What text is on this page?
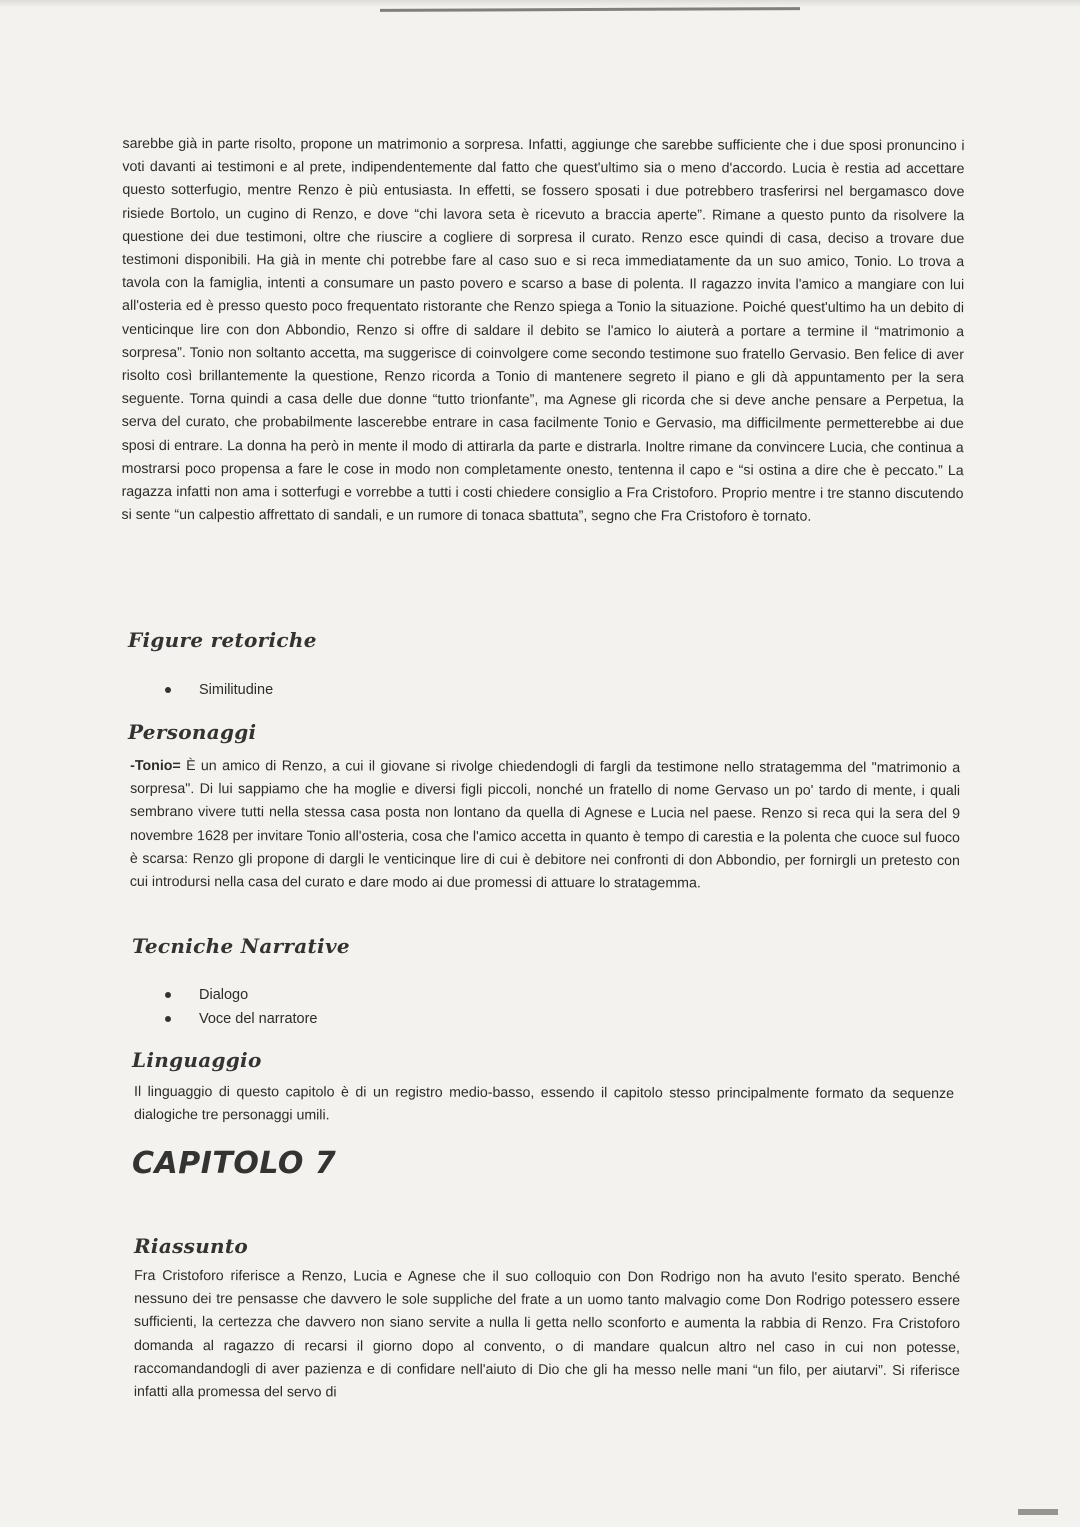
sarebbe già in parte risolto, propone un matrimonio a sorpresa. Infatti, aggiunge che sarebbe sufficiente che i due sposi pronuncino i voti davanti ai testimoni e al prete, indipendentemente dal fatto che quest'ultimo sia o meno d'accordo. Lucia è restia ad accettare questo sotterfugio, mentre Renzo è più entusiasta. In effetti, se fossero sposati i due potrebbero trasferirsi nel bergamasco dove risiede Bortolo, un cugino di Renzo, e dove “chi lavora seta è ricevuto a braccia aperte”. Rimane a questo punto da risolvere la questione dei due testimoni, oltre che riuscire a cogliere di sorpresa il curato. Renzo esce quindi di casa, deciso a trovare due testimoni disponibili. Ha già in mente chi potrebbe fare al caso suo e si reca immediatamente da un suo amico, Tonio. Lo trova a tavola con la famiglia, intenti a consumare un pasto povero e scarso a base di polenta. Il ragazzo invita l'amico a mangiare con lui all'osteria ed è presso questo poco frequentato ristorante che Renzo spiega a Tonio la situazione. Poiché quest'ultimo ha un debito di venticinque lire con don Abbondio, Renzo si offre di saldare il debito se l'amico lo aiuterà a portare a termine il “matrimonio a sorpresa”. Tonio non soltanto accetta, ma suggerisce di coinvolgere come secondo testimone suo fratello Gervasio. Ben felice di aver risolto così brillantemente la questione, Renzo ricorda a Tonio di mantenere segreto il piano e gli dà appuntamento per la sera seguente. Torna quindi a casa delle due donne “tutto trionfante”, ma Agnese gli ricorda che si deve anche pensare a Perpetua, la serva del curato, che probabilmente lascerebbe entrare in casa facilmente Tonio e Gervasio, ma difficilmente permetterebbe ai due sposi di entrare. La donna ha però in mente il modo di attirarla da parte e distrarla. Inoltre rimane da convincere Lucia, che continua a mostrarsi poco propensa a fare le cose in modo non completamente onesto, tentenna il capo e “si ostina a dire che è peccato.” La ragazza infatti non ama i sotterfugi e vorrebbe a tutti i costi chiedere consiglio a Fra Cristoforo. Proprio mentre i tre stanno discutendo si sente “un calpestio affrettato di sandali, e un rumore di tonaca sbattuta”, segno che Fra Cristoforo è tornato.

Figure retoriche
Similitudine
Personaggi

-Tonio= È un amico di Renzo, a cui il giovane si rivolge chiedendogli di fargli da testimone nello stratagemma del "matrimonio a sorpresa". Di lui sappiamo che ha moglie e diversi figli piccoli, nonché un fratello di nome Gervaso un po' tardo di mente, i quali sembrano vivere tutti nella stessa casa posta non lontano da quella di Agnese e Lucia nel paese. Renzo si reca qui la sera del 9 novembre 1628 per invitare Tonio all'osteria, cosa che l'amico accetta in quanto è tempo di carestia e la polenta che cuoce sul fuoco è scarsa: Renzo gli propone di dargli le venticinque lire di cui è debitore nei confronti di don Abbondio, per fornirgli un pretesto con cui introdursi nella casa del curato e dare modo ai due promessi di attuare lo stratagemma.

Tecniche Narrative
Dialogo
Voce del narratore
Linguaggio

Il linguaggio di questo capitolo è di un registro medio-basso, essendo il capitolo stesso principalmente formato da sequenze dialogiche tre personaggi umili.

CAPITOLO 7
Riassunto

Fra Cristoforo riferisce a Renzo, Lucia e Agnese che il suo colloquio con Don Rodrigo non ha avuto l'esito sperato. Benché nessuno dei tre pensasse che davvero le sole suppliche del frate a un uomo tanto malvagio come Don Rodrigo potessero essere sufficienti, la certezza che davvero non siano servite a nulla li getta nello sconforto e aumenta la rabbia di Renzo. Fra Cristoforo domanda al ragazzo di recarsi il giorno dopo al convento, o di mandare qualcun altro nel caso in cui non potesse, raccomandandogli di aver pazienza e di confidare nell'aiuto di Dio che gli ha messo nelle mani “un filo, per aiutarvi”. Si riferisce infatti alla promessa del servo di
